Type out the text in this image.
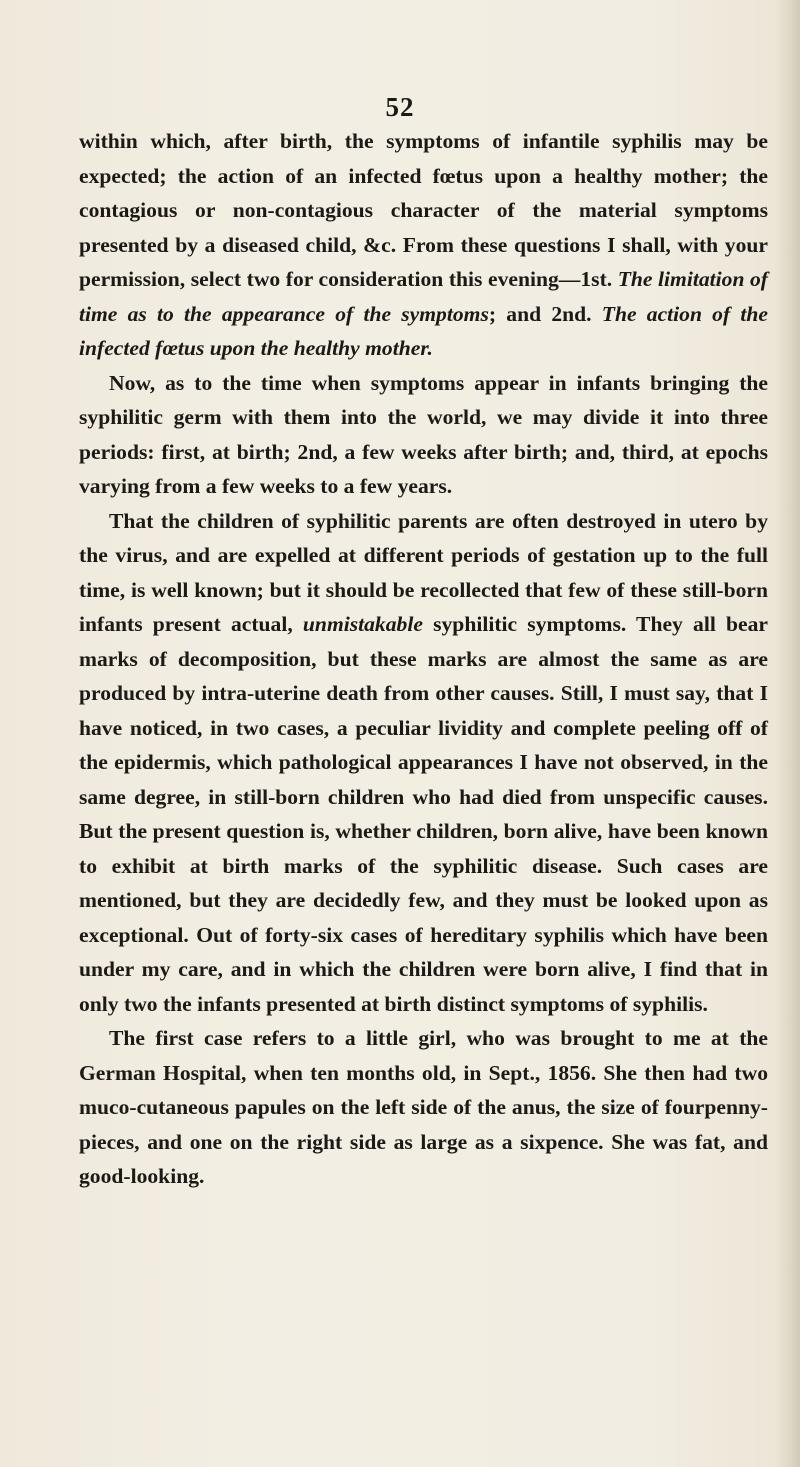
52

within which, after birth, the symptoms of infantile syphilis may be expected; the action of an infected fœtus upon a healthy mother; the contagious or non-contagious character of the material symptoms presented by a diseased child, &c. From these questions I shall, with your permission, select two for consideration this evening—1st. The limitation of time as to the appearance of the symptoms; and 2nd. The action of the infected fœtus upon the healthy mother.

Now, as to the time when symptoms appear in infants bringing the syphilitic germ with them into the world, we may divide it into three periods: first, at birth; 2nd, a few weeks after birth; and, third, at epochs varying from a few weeks to a few years.

That the children of syphilitic parents are often destroyed in utero by the virus, and are expelled at different periods of gestation up to the full time, is well known; but it should be recollected that few of these still-born infants present actual, unmistakable syphilitic symptoms. They all bear marks of decomposition, but these marks are almost the same as are produced by intra-uterine death from other causes. Still, I must say, that I have noticed, in two cases, a peculiar lividity and complete peeling off of the epidermis, which pathological appearances I have not observed, in the same degree, in still-born children who had died from unspecific causes. But the present question is, whether children, born alive, have been known to exhibit at birth marks of the syphilitic disease. Such cases are mentioned, but they are decidedly few, and they must be looked upon as exceptional. Out of forty-six cases of hereditary syphilis which have been under my care, and in which the children were born alive, I find that in only two the infants presented at birth distinct symptoms of syphilis.

The first case refers to a little girl, who was brought to me at the German Hospital, when ten months old, in Sept., 1856. She then had two muco-cutaneous papules on the left side of the anus, the size of fourpenny-pieces, and one on the right side as large as a sixpence. She was fat, and good-looking.
